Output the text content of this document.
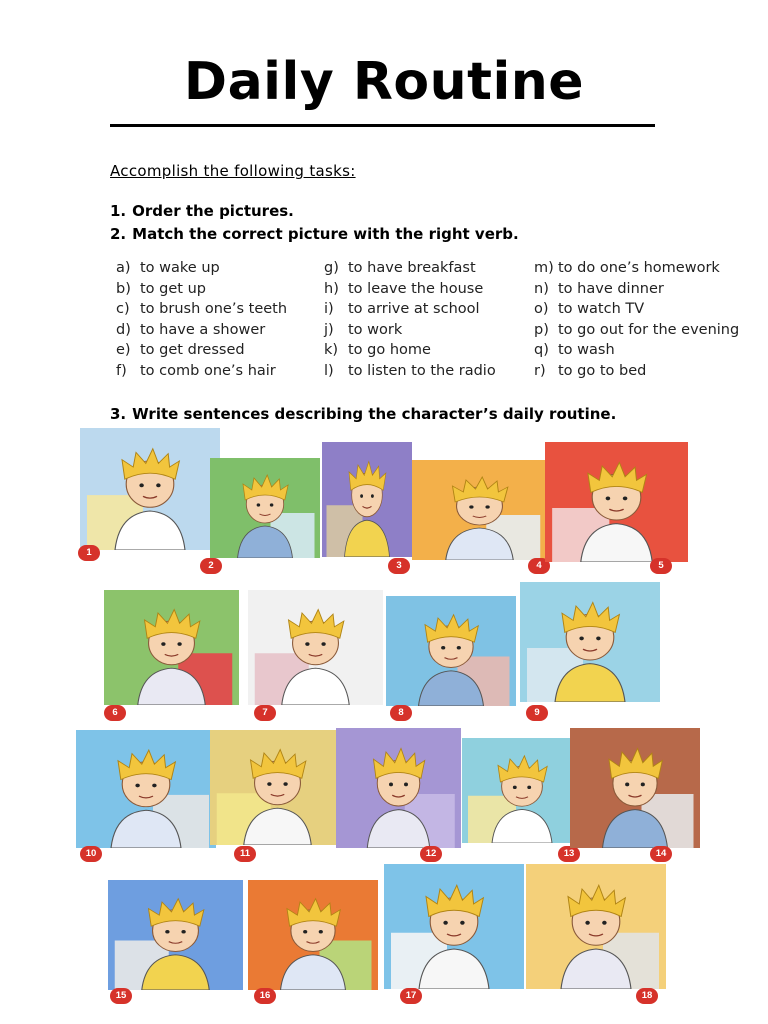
Daily Routine
Accomplish the following tasks:
1. Order the pictures.
2. Match the correct picture with the right verb.
a) to wake up
b) to get up
c) to brush one’s teeth
d) to have a shower
e) to get dressed
f) to comb one’s hair
g) to have breakfast
h) to leave the house
i) to arrive at school
j) to work
k) to go home
l) to listen to the radio
m) to do one’s homework
n) to have dinner
o) to watch TV
p) to go out for the evening
q) to wash
r) to go to bed
3. Write sentences describing the character’s daily routine.
1
2	3	4	5
6	7	8	9
10	11	12	13	14
15	16	17	18
